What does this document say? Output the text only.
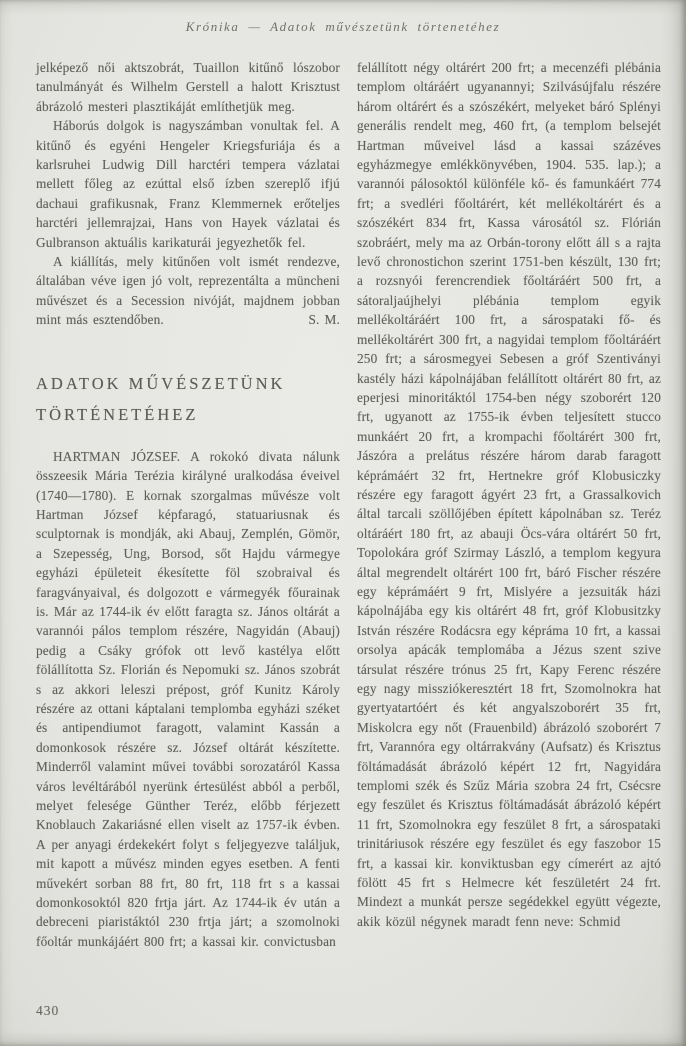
Krónika — Adatok művészetünk törtenetéhez

jelképező női aktszobrát, Tuaillon kitűnő lószobor tanulmányát és Wilhelm Gerstell a halott Krisztust ábrázoló mesteri plasztikáját említhetjük meg.

Háborús dolgok is nagyszámban vonultak fel. A kitűnő és egyéni Hengeler Kriegsfuriája és a karlsruhei Ludwig Dill harctéri tempera vázlatai mellett főleg az ezúttal első ízben szereplő ifjú dachaui grafikusnak, Franz Klemmernek erőteljes harctéri jellemrajzai, Hans von Hayek vázlatai és Gulbranson aktuális karikaturái jegyezhetők fel.

A kiállítás, mely kitűnően volt ismét rendezve, általában véve igen jó volt, reprezentálta a müncheni művészet és a Secession nivóját, majdnem jobban mint más esztendőben.	S. M.

ADATOK MŰVÉSZETÜNK
TÖRTÉNETÉHEZ

HARTMAN JÓZSEF. A rokokó divata nálunk összeesik Mária Terézia királyné uralkodása éveivel (1740—1780). E kornak szorgalmas művésze volt Hartman József képfaragó, statuariusnak és sculptornak is mondják, aki Abauj, Zemplén, Gömör, a Szepesség, Ung, Borsod, sőt Hajdu vármegye egyházi épületeit ékesítette föl szobraival és faragványaival, és dolgozott e vármegyék főurainak is. Már az 1744-ik év előtt faragta sz. János oltárát a varannói pálos templom részére, Nagyidán (Abauj) pedig a Csáky grófok ott levő kastélya előtt fölállította Sz. Florián és Nepomuki sz. János szobrát s az akkori leleszi prépost, gróf Kunitz Károly részére az ottani káptalani templomba egyházi széket és antipendiumot faragott, valamint Kassán a domonkosok részére sz. József oltárát készítette. Minderről valamint művei további sorozatáról Kassa város levéltárából nyerünk értesülést abból a perből, melyet felesége Günther Teréz, előbb férjezett Knoblauch Zakariásné ellen viselt az 1757-ik évben. A per anyagi érdekekért folyt s feljegyezve találjuk, mit kapott a művész minden egyes esetben. A fenti művekért sorban 88 frt, 80 frt, 118 frt s a kassai domonkosoktól 820 frtja járt. Az 1744-ik év után a debreceni piaristáktól 230 frtja járt; a szomolnoki főoltár munkájáért 800 frt; a kassai kir. convictusban

felállított négy oltárért 200 frt; a mecenzéfi plébánia templom oltáráért ugyanannyi; Szilvásújfalu részére három oltárért és a szószékért, melyeket báró Splényi generális rendelt meg, 460 frt, (a templom belsejét Hartman műveivel lásd a kassai százéves egyházmegye emlékkönyvében, 1904. 535. lap.); a varannói pálosoktól különféle kő- és famunkáért 774 frt; a svedléri főoltárért, két mellékoltárért és a szószékért 834 frt, Kassa városától sz. Flórián szobráért, mely ma az Orbán-torony előtt áll s a rajta levő chronostichon szerint 1751-ben készült, 130 frt; a rozsnyói ferencrendiek főoltáráért 500 frt, a sátoraljaújhelyi plébánia templom egyik mellékoltáráért 100 frt, a sárospataki fő- és mellékoltárért 300 frt, a nagyidai templom főoltáráért 250 frt; a sárosmegyei Sebesen a gróf Szentiványi kastély házi kápolnájában felállított oltárért 80 frt, az eperjesi minoritáktól 1754-ben négy szoborért 120 frt, ugyanott az 1755-ik évben teljesített stucco munkáért 20 frt, a krompachi főoltárért 300 frt, Jászóra a prelátus részére három darab faragott képrámáért 32 frt, Hertnekre gróf Klobusiczky részére egy faragott ágyért 23 frt, a Grassalkovich által tarcali szöllőjében épített kápolnában sz. Teréz oltáráért 180 frt, az abauji Öcs-vára oltárért 50 frt, Topolokára gróf Szirmay László, a templom kegyura által megrendelt oltárért 100 frt, báró Fischer részére egy képrámáért 9 frt, Mislyére a jezsuiták házi kápolnájába egy kis oltárért 48 frt, gróf Klobusitzky István részére Rodácsra egy képráma 10 frt, a kassai orsolya apácák templomába a Jézus szent szive társulat részére trónus 25 frt, Kapy Ferenc részére egy nagy missziókeresztért 18 frt, Szomolnokra hat gyertyatartóért és két angyalszoborért 35 frt, Miskolcra egy nőt (Frauenbild) ábrázoló szoborért 7 frt, Varannóra egy oltárrakvány (Aufsatz) és Krisztus föltámadását ábrázoló képért 12 frt, Nagyidára templomi szék és Szűz Mária szobra 24 frt, Csécsre egy feszület és Krisztus föltámadását ábrázoló képért 11 frt, Szomolnokra egy feszület 8 frt, a sárospataki trinitáriusok részére egy feszület és egy faszobor 15 frt, a kassai kir. konviktusban egy címerért az ajtó fölött 45 frt s Helmecre két feszületért 24 frt. Mindezt a munkát persze segédekkel együtt végezte, akik közül négynek maradt fenn neve: Schmid

430
